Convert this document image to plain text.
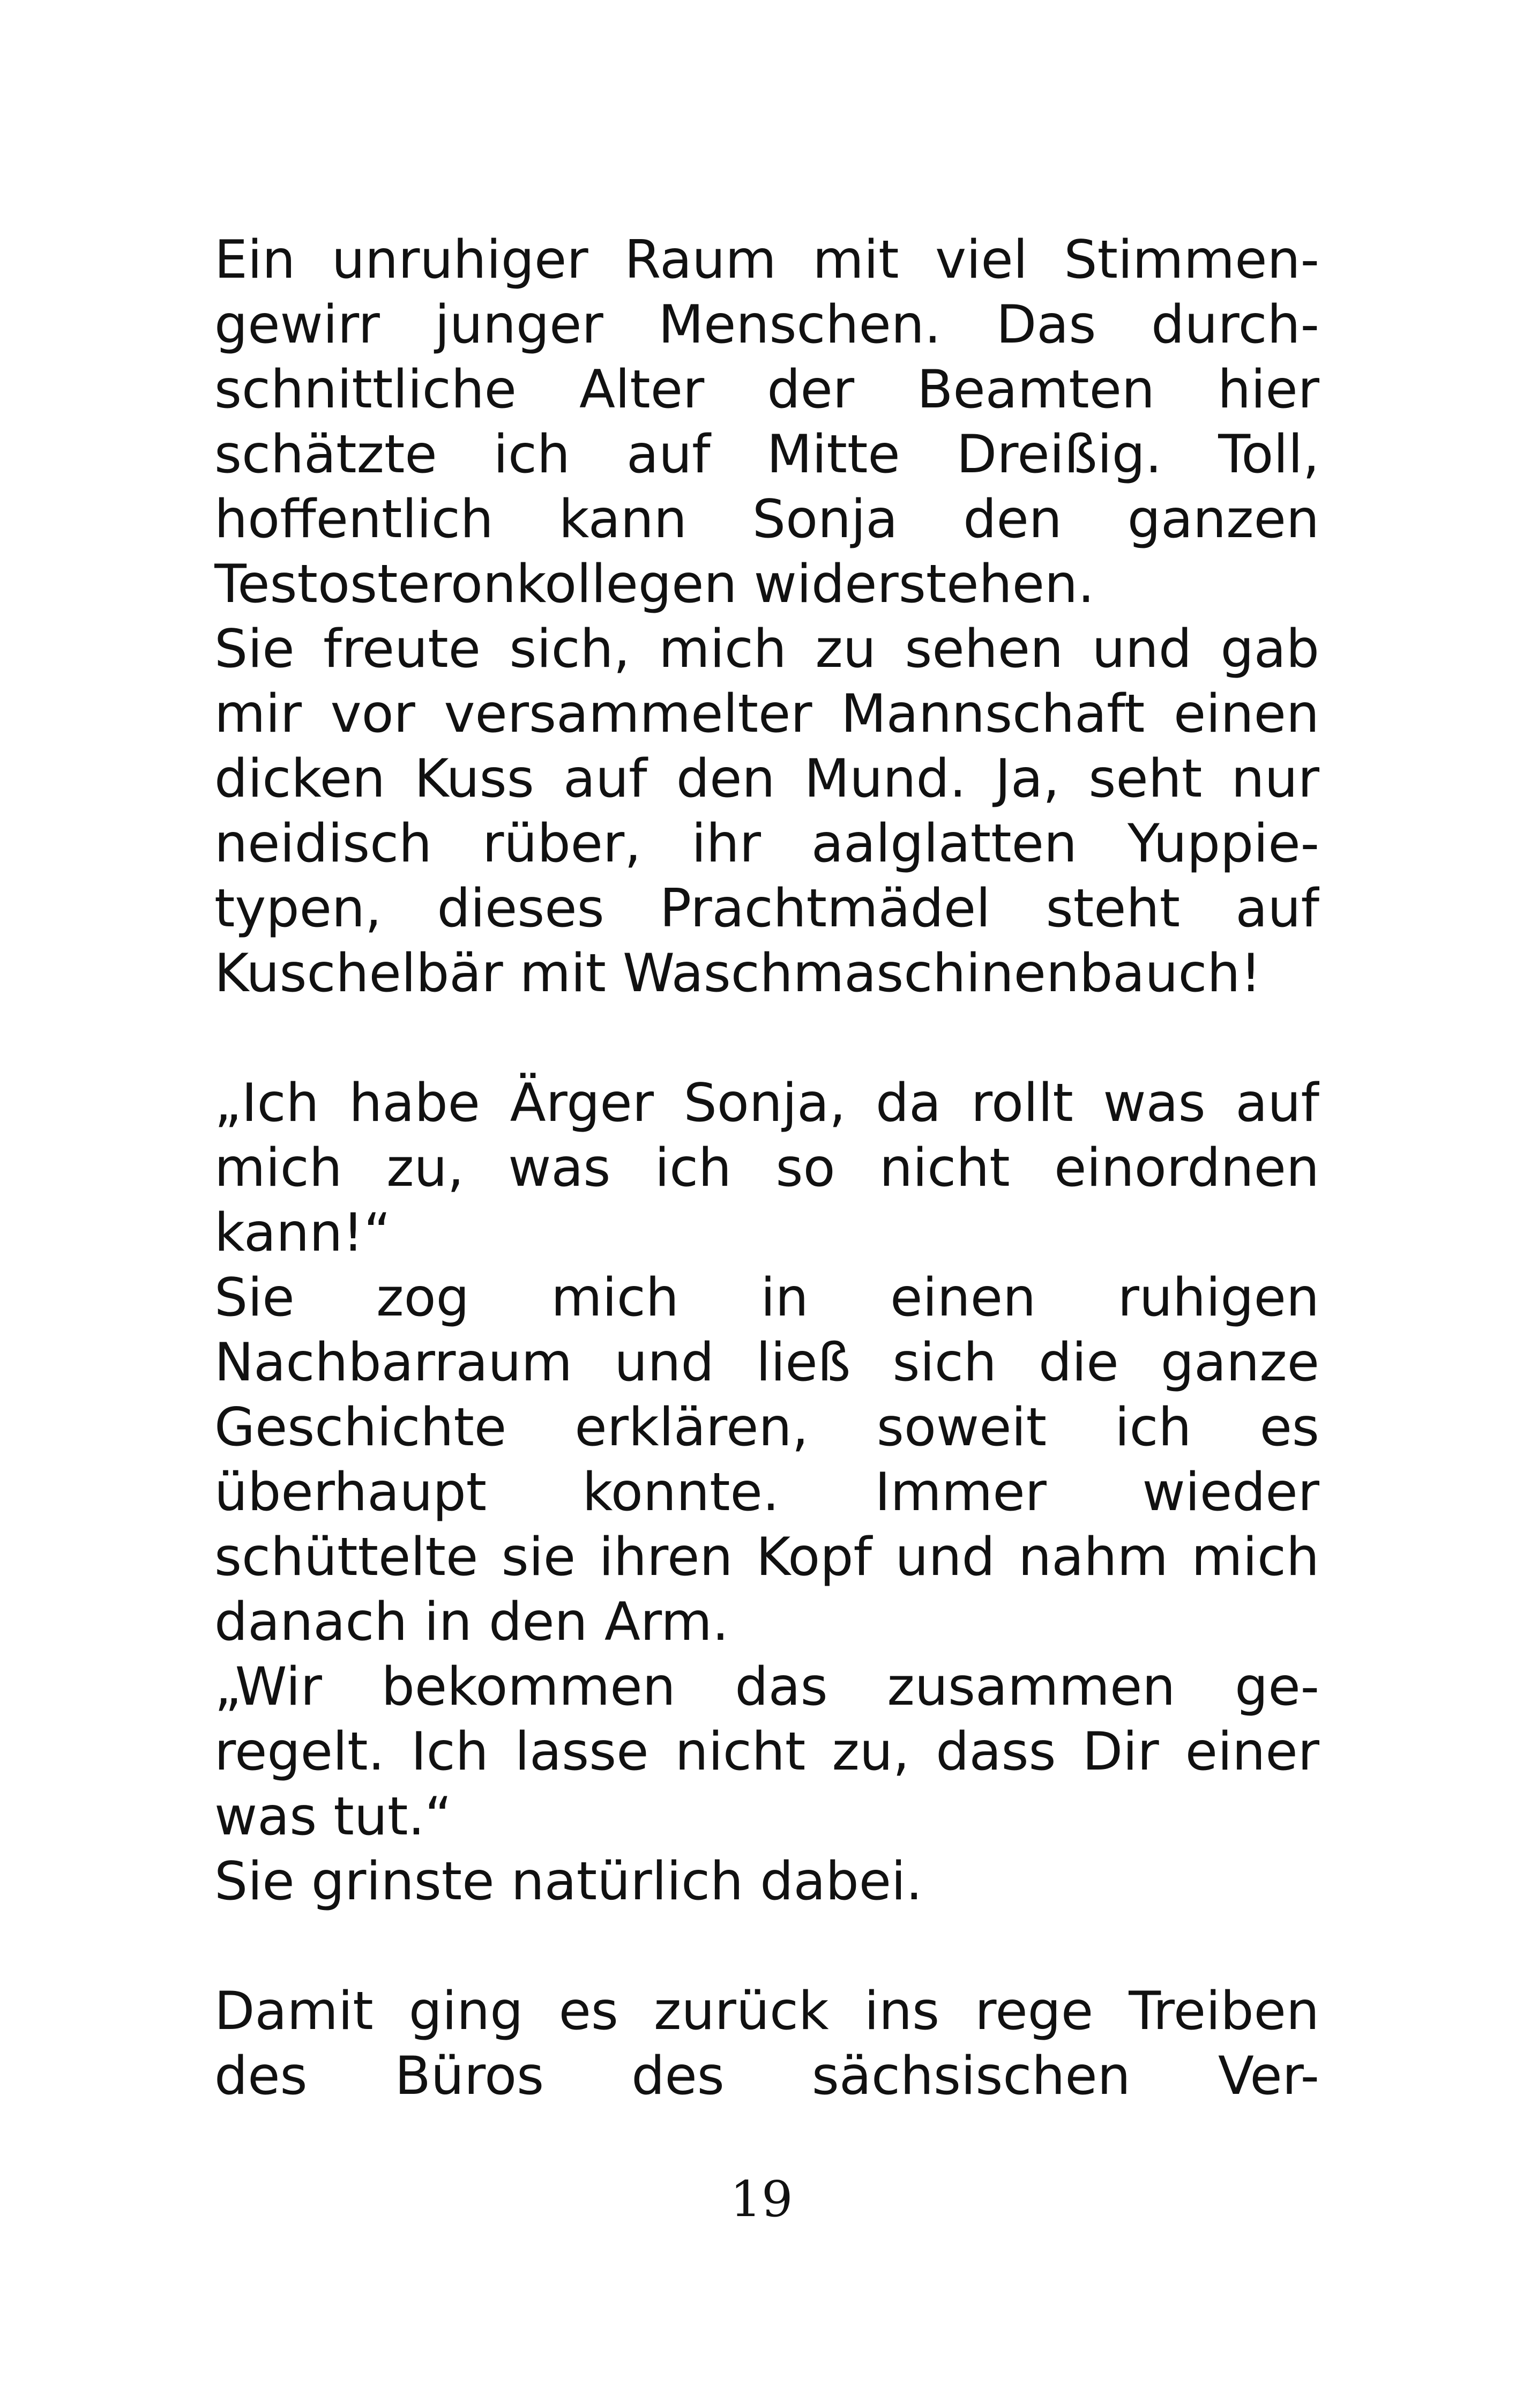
Ein unruhiger Raum mit viel Stimmen-
gewirr junger Menschen. Das durch-
schnittliche Alter der Beamten hier
schätzte ich auf Mitte Dreißig. Toll,
hoffentlich kann Sonja den ganzen
Testosteronkollegen widerstehen.
Sie freute sich, mich zu sehen und gab
mir vor versammelter Mannschaft einen
dicken Kuss auf den Mund. Ja, seht nur
neidisch rüber, ihr aalglatten Yuppie-
typen, dieses Prachtmädel steht auf
Kuschelbär mit Waschmaschinenbauch!
„Ich habe Ärger Sonja, da rollt was auf
mich zu, was ich so nicht einordnen
kann!“
Sie zog mich in einen ruhigen
Nachbarraum und ließ sich die ganze
Geschichte erklären, soweit ich es
überhaupt konnte. Immer wieder
schüttelte sie ihren Kopf und nahm mich
danach in den Arm.
„Wir bekommen das zusammen ge-
regelt. Ich lasse nicht zu, dass Dir einer
was tut.“
Sie grinste natürlich dabei.
Damit ging es zurück ins rege Treiben
des Büros des sächsischen Ver-
19
